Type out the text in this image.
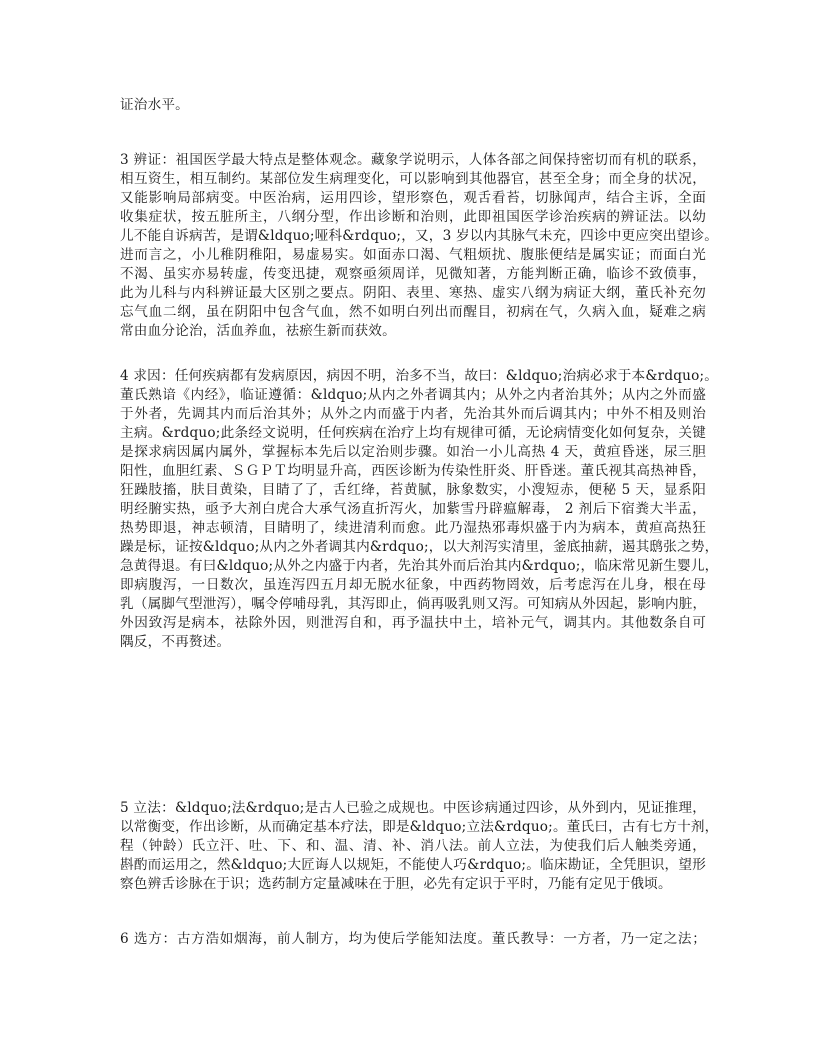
证治水平。
3 辨证：祖国医学最大特点是整体观念。藏象学说明示，人体各部之间保持密切而有机的联系，
相互资生，相互制约。某部位发生病理变化，可以影响到其他器官，甚至全身；而全身的状况，
又能影响局部病变。中医治病，运用四诊，望形察色，观舌看苔，切脉闻声，结合主诉，全面
收集症状，按五脏所主，八纲分型，作出诊断和治则，此即祖国医学诊治疾病的辨证法。以幼
儿不能自诉病苦，是谓&ldquo;哑科&rdquo;，又，3 岁以内其脉气未充，四诊中更应突出望诊。
进而言之，小儿稚阴稚阳，易虚易实。如面赤口渴、气粗烦扰、腹胀便结是属实证；而面白光
不渴、虽实亦易转虚，传变迅捷，观察亟须周详，见微知著，方能判断正确，临诊不致偾事，
此为儿科与内科辨证最大区别之要点。阴阳、表里、寒热、虚实八纲为病证大纲，董氏补充勿
忘气血二纲，虽在阴阳中包含气血，然不如明白列出而醒目，初病在气，久病入血，疑难之病
常由血分论治，活血养血，祛瘀生新而获效。
4 求因：任何疾病都有发病原因，病因不明，治多不当，故曰：&ldquo;治病必求于本&rdquo;。
董氏熟谙《内经》，临证遵循：&ldquo;从内之外者调其内；从外之内者治其外；从内之外而盛
于外者，先调其内而后治其外；从外之内而盛于内者，先治其外而后调其内；中外不相及则治
主病。&rdquo;此条经文说明，任何疾病在治疗上均有规律可循，无论病情变化如何复杂，关键
是探求病因属内属外，掌握标本先后以定治则步骤。如治一小儿高热 4 天，黄疸昏迷，尿三胆
阳性，血胆红素、ＳＧＰＴ均明显升高，西医诊断为传染性肝炎、肝昏迷。董氏视其高热神昏，
狂躁肢搐，肤目黄染，目睛了了，舌红绛，苔黄腻，脉象数实，小溲短赤，便秘 5 天，显系阳
明经腑实热，亟予大剂白虎合大承气汤直折泻火，加紫雪丹辟瘟解毒， 2 剂后下宿粪大半盂，
热势即退，神志顿清，目睛明了，续进清利而愈。此乃湿热邪毒炽盛于内为病本，黄疸高热狂
躁是标，证按&ldquo;从内之外者调其内&rdquo;，以大剂泻实清里，釜底抽薪，遏其鸱张之势，
急黄得退。有曰&ldquo;从外之内盛于内者，先治其外而后治其内&rdquo;，临床常见新生婴儿，
即病腹泻，一日数次，虽连泻四五月却无脱水征象，中西药物罔效，后考虑泻在儿身，根在母
乳（属脚气型泄泻），嘱令停哺母乳，其泻即止，倘再吸乳则又泻。可知病从外因起，影响内脏，
外因致泻是病本，祛除外因，则泄泻自和，再予温扶中土，培补元气，调其内。其他数条自可
隅反，不再赘述。
5 立法：&ldquo;法&rdquo;是古人已验之成规也。中医诊病通过四诊，从外到内，见证推理，
以常衡变，作出诊断，从而确定基本疗法，即是&ldquo;立法&rdquo;。董氏曰，古有七方十剂，
程（钟龄）氏立汗、吐、下、和、温、清、补、消八法。前人立法，为使我们后人触类旁通，
斟酌而运用之，然&ldquo;大匠诲人以规矩，不能使人巧&rdquo;。临床勘证，全凭胆识，望形
察色辨舌诊脉在于识；选药制方定量减味在于胆，必先有定识于平时，乃能有定见于俄顷。
6 选方：古方浩如烟海，前人制方，均为使后学能知法度。董氏教导：一方者，乃一定之法；
